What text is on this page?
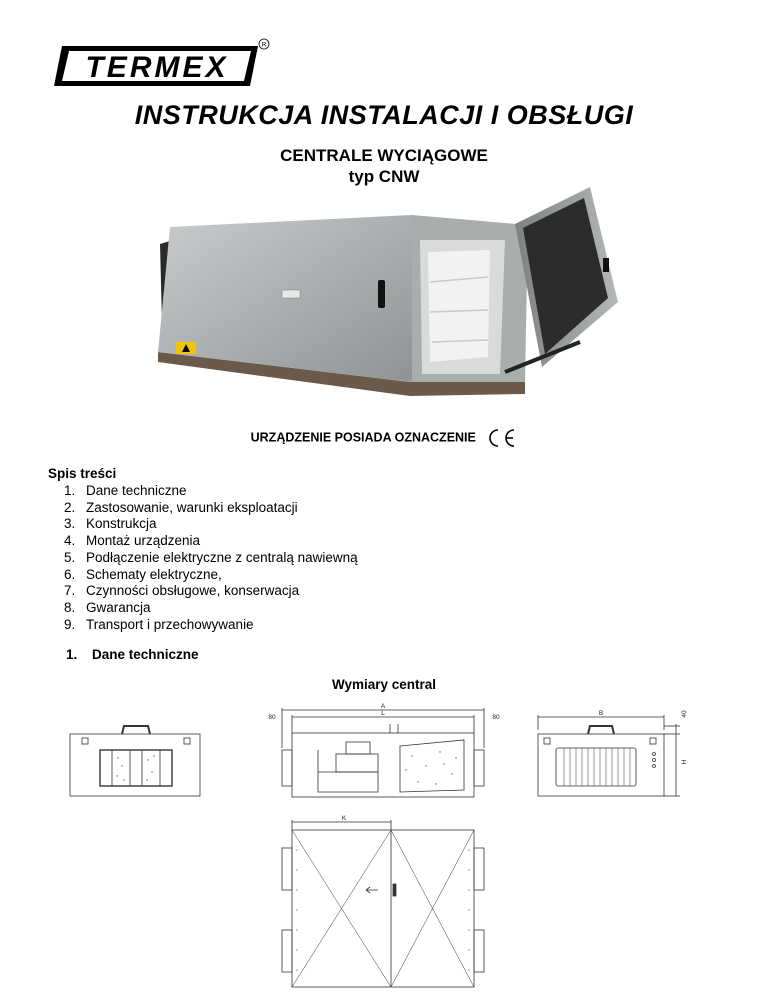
TERMEX
R
INSTRUKCJA INSTALACJI I OBSŁUGI
CENTRALE WYCIĄGOWE
typ CNW
URZĄDZENIE POSIADA OZNACZENIE
Spis treści
1. Dane techniczne
2. Zastosowanie, warunki eksploatacji
3. Konstrukcja
4. Montaż urządzenia
5. Podłączenie elektryczne z centralą nawiewną
6. Schematy elektryczne,
7. Czynności obsługowe, konserwacja
8. Gwarancja
9. Transport i przechowywanie
1. Dane techniczne
Wymiary central
A
L
80	80
B
H
40
K
